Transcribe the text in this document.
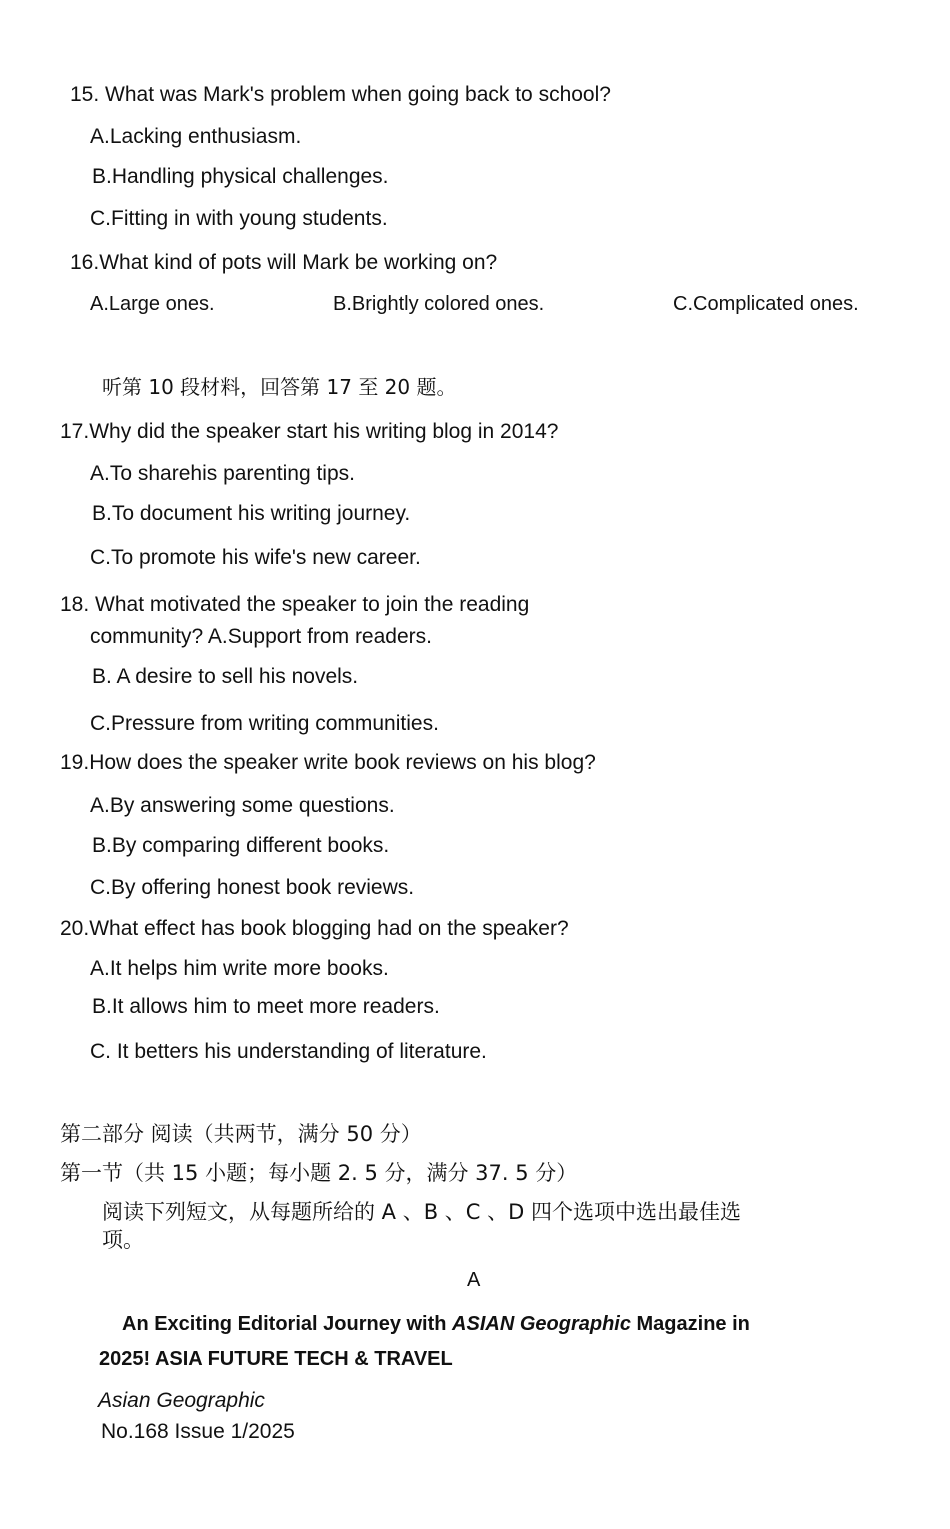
15. What was Mark's problem when going back to school?
A.Lacking enthusiasm.
B.Handling physical challenges.
C.Fitting in with young students.
16.What kind of pots will Mark be working on?
A.Large ones.	B.Brightly colored ones.	C.Complicated ones.
听第 10 段材料，回答第 17 至 20 题。
17.Why did the speaker start his writing blog in 2014?
A.To sharehis parenting tips.
B.To document his writing journey.
C.To promote his wife's new career.
18. What motivated the speaker to join the reading
community? A.Support from readers.
B. A desire to sell his novels.
C.Pressure from writing communities.
19.How does the speaker write book reviews on his blog?
A.By answering some questions.
B.By comparing different books.
C.By offering honest book reviews.
20.What effect has book blogging had on the speaker?
A.It helps him write more books.
B.It allows him to meet more readers.
C. It betters his understanding of literature.
第二部分 阅读（共两节，满分 50 分）
第一节（共 15 小题；每小题 2. 5 分，满分 37. 5 分）
阅读下列短文，从每题所给的 A 、B 、C 、D 四个选项中选出最佳选
项。
A
An Exciting Editorial Journey with ASIAN Geographic Magazine in
2025! ASIA FUTURE TECH & TRAVEL
Asian Geographic
No.168 Issue 1/2025
